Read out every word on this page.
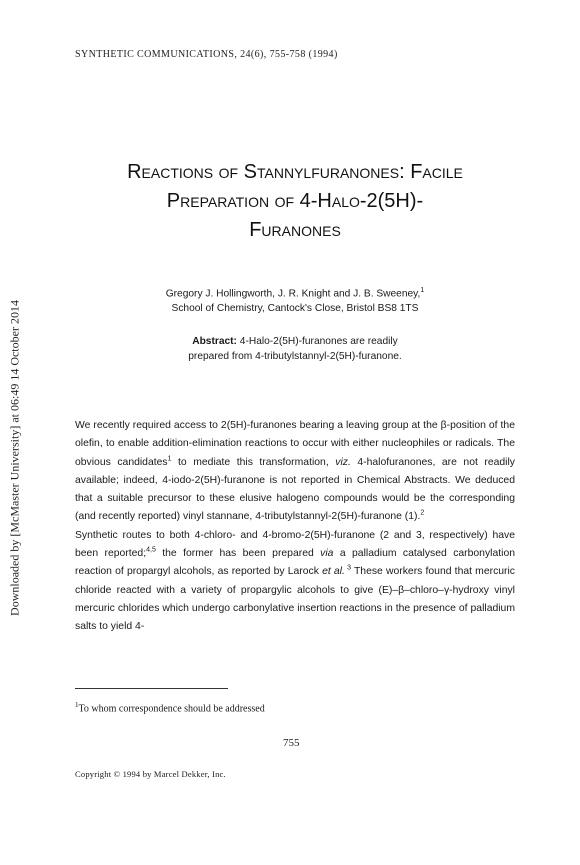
Downloaded by [McMaster University] at 06:49 14 October 2014
SYNTHETIC COMMUNICATIONS, 24(6), 755-758 (1994)
Reactions of Stannylfuranones: Facile
Preparation of 4-Halo-2(5H)-
Furanones
Gregory J. Hollingworth, J. R. Knight and J. B. Sweeney,$^1$
School of Chemistry, Cantock's Close, Bristol BS8 1TS
Abstract: 4-Halo-2(5H)-furanones are readily
prepared from 4-tributylstannyl-2(5H)-furanone.

We recently required access to 2(5H)-furanones bearing a leaving group at the β-position of the olefin, to enable addition-elimination reactions to occur with either nucleophiles or radicals. The obvious candidates$^1$ to mediate this transformation, viz. 4-halofuranones, are not readily available; indeed, 4-iodo-2(5H)-furanone is not reported in Chemical Abstracts. We deduced that a suitable precursor to these elusive halogeno compounds would be the corresponding (and recently reported) vinyl stannane, 4-tributylstannyl-2(5H)-furanone (1).$^2$

Synthetic routes to both 4-chloro- and 4-bromo-2(5H)-furanone (2 and 3, respectively) have been reported;$^{4,5}$ the former has been prepared via a palladium catalysed carbonylation reaction of propargyl alcohols, as reported by Larock et al. $^3$ These workers found that mercuric chloride reacted with a variety of propargylic alcohols to give (E)–β–chloro–γ-hydroxy vinyl mercuric chlorides which undergo carbonylative insertion reactions in the presence of palladium salts to yield 4-

$^1$To whom correspondence should be addressed
755
Copyright © 1994 by Marcel Dekker, Inc.
